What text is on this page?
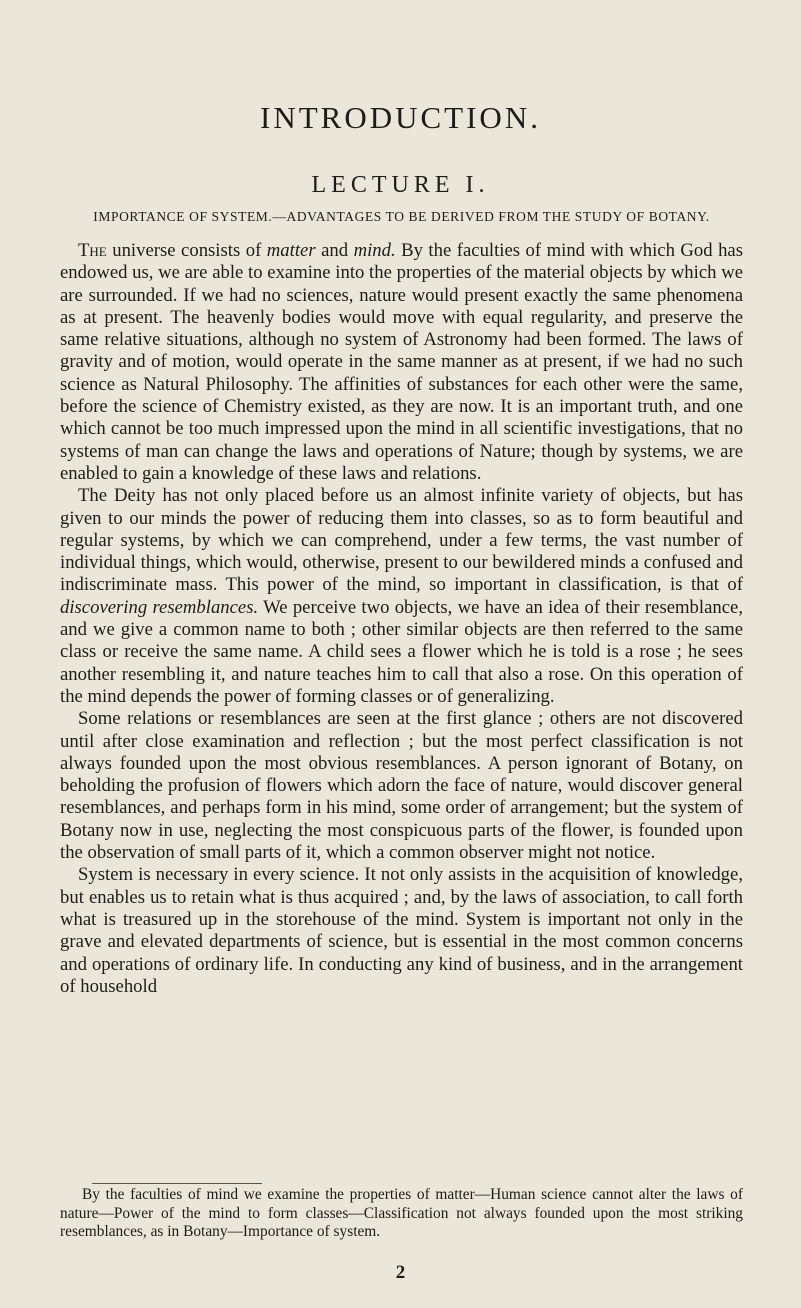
INTRODUCTION.
LECTURE I.
IMPORTANCE OF SYSTEM.—ADVANTAGES TO BE DERIVED FROM THE STUDY OF BOTANY.

The universe consists of matter and mind. By the faculties of mind with which God has endowed us, we are able to examine into the properties of the material objects by which we are surrounded. If we had no sciences, nature would present exactly the same phenomena as at present. The heavenly bodies would move with equal regularity, and preserve the same relative situations, although no system of Astronomy had been formed. The laws of gravity and of motion, would operate in the same manner as at present, if we had no such science as Natural Philosophy. The affinities of substances for each other were the same, before the science of Chemistry existed, as they are now. It is an important truth, and one which cannot be too much impressed upon the mind in all scientific investigations, that no systems of man can change the laws and operations of Nature; though by systems, we are enabled to gain a knowledge of these laws and relations.

The Deity has not only placed before us an almost infinite variety of objects, but has given to our minds the power of reducing them into classes, so as to form beautiful and regular systems, by which we can comprehend, under a few terms, the vast number of individual things, which would, otherwise, present to our bewildered minds a confused and indiscriminate mass. This power of the mind, so important in classification, is that of discovering resemblances. We perceive two objects, we have an idea of their resemblance, and we give a common name to both ; other similar objects are then referred to the same class or receive the same name. A child sees a flower which he is told is a rose ; he sees another resembling it, and nature teaches him to call that also a rose. On this operation of the mind depends the power of forming classes or of generalizing.

Some relations or resemblances are seen at the first glance ; others are not discovered until after close examination and reflection ; but the most perfect classification is not always founded upon the most obvious resemblances. A person ignorant of Botany, on beholding the profusion of flowers which adorn the face of nature, would discover general resemblances, and perhaps form in his mind, some order of arrangement; but the system of Botany now in use, neglecting the most conspicuous parts of the flower, is founded upon the observation of small parts of it, which a common observer might not notice.

System is necessary in every science. It not only assists in the acquisition of knowledge, but enables us to retain what is thus acquired ; and, by the laws of association, to call forth what is treasured up in the storehouse of the mind. System is important not only in the grave and elevated departments of science, but is essential in the most common concerns and operations of ordinary life. In conducting any kind of business, and in the arrangement of household

By the faculties of mind we examine the properties of matter—Human science cannot alter the laws of nature—Power of the mind to form classes—Classification not always founded upon the most striking resemblances, as in Botany—Importance of system.

2
